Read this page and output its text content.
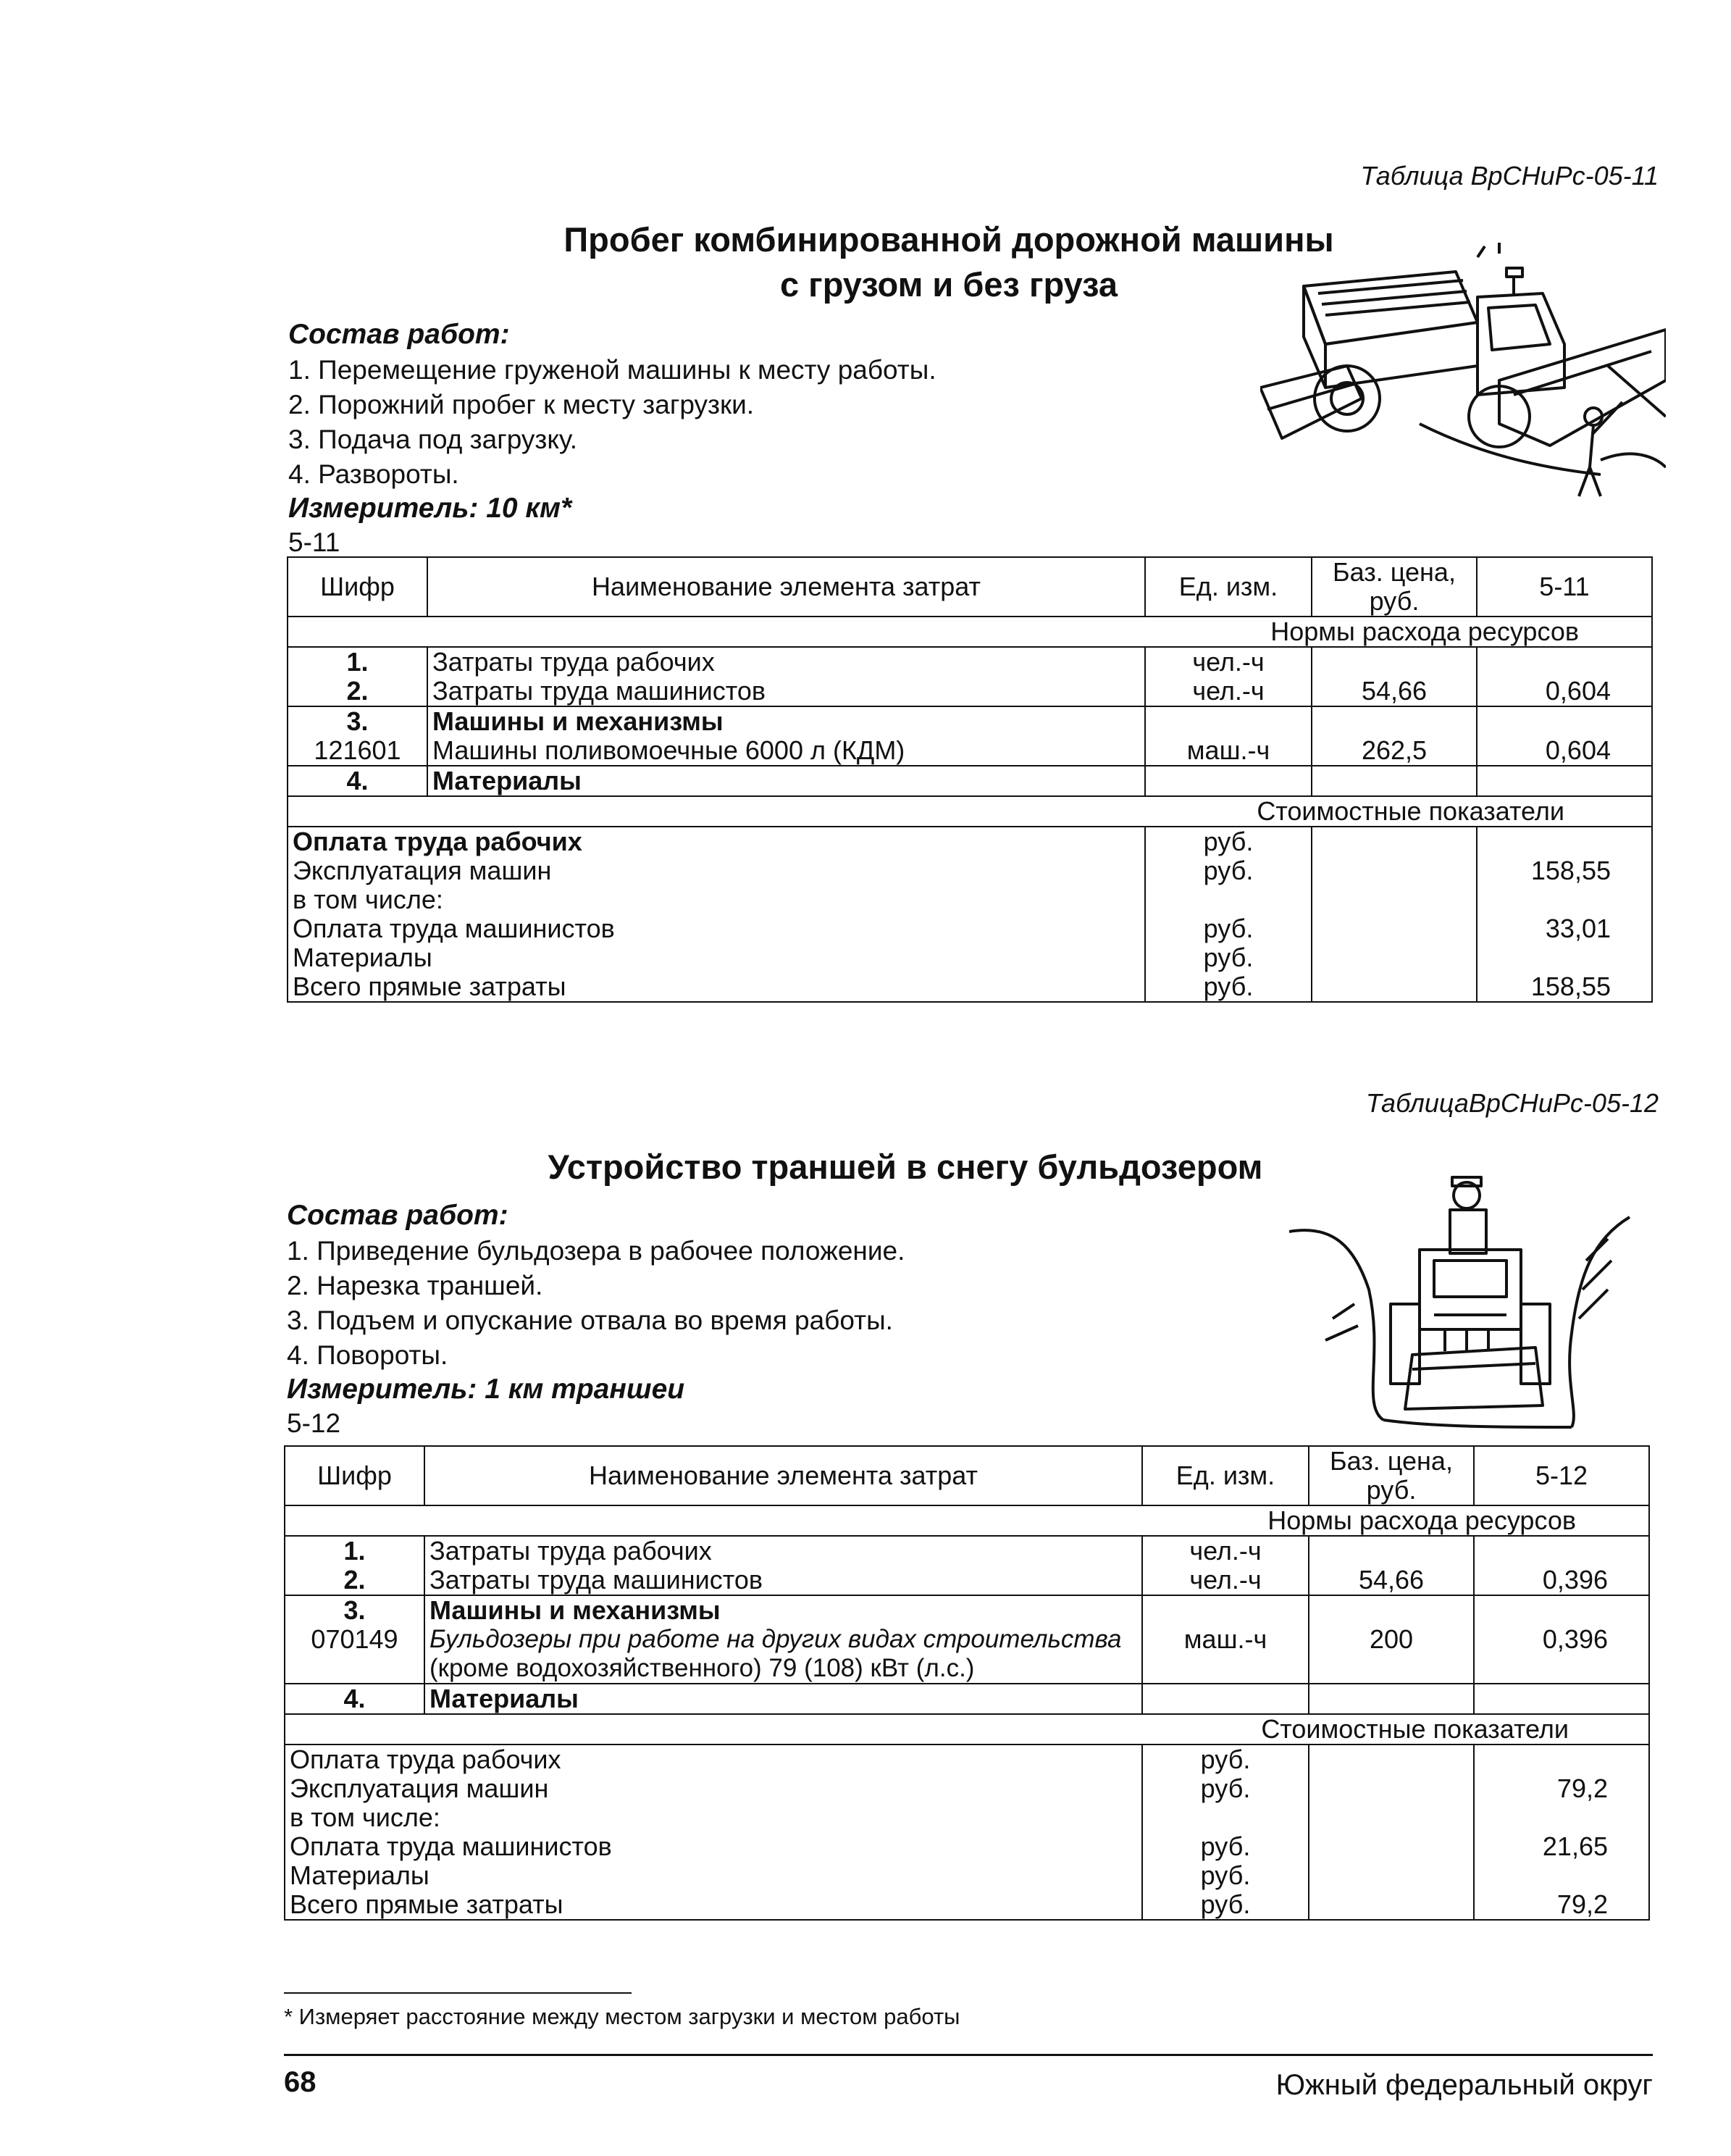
Таблица ВрСНиРс-05-11
Пробег комбинированной дорожной машины
с грузом и без груза
Состав работ:
1. Перемещение груженой машины к месту работы.
2. Порожний пробег к месту загрузки.
3. Подача под загрузку.
4. Развороты.
Измеритель: 10 км*
5-11
Шифр	Наименование элемента затрат	Ед. изм.	Баз. цена, руб.	5-11
Нормы расхода ресурсов				
1.	Затраты труда рабочих	чел.-ч		
2.	Затраты труда машинистов	чел.-ч	54,66	0,604
3.	Машины и механизмы			
121601	Машины поливомоечные 6000 л (КДМ)	маш.-ч	262,5	0,604
4.	Материалы			
Стоимостные показатели				
Оплата труда рабочих		руб.		
Эксплуатация машин		руб.		158,55
в том числе:				
Оплата труда машинистов		руб.		33,01
Материалы		руб.		
Всего прямые затраты		руб.		158,55
ТаблицаВрСНиРс-05-12
Устройство траншей в снегу бульдозером
Состав работ:
1. Приведение бульдозера в рабочее положение.
2. Нарезка траншей.
3. Подъем и опускание отвала во время работы.
4. Повороты.
Измеритель: 1 км траншеи
5-12
Шифр	Наименование элемента затрат	Ед. изм.	Баз. цена, руб.	5-12
Нормы расхода ресурсов				
1.	Затраты труда рабочих	чел.-ч		
2.	Затраты труда машинистов	чел.-ч	54,66	0,396
3.	Машины и механизмы			
070149	Бульдозеры при работе на других видах строительства
(кроме водохозяйственного) 79 (108) кВт (л.с.)	маш.-ч	200	0,396
4.	Материалы			
Стоимостные показатели				
Оплата труда рабочих		руб.		
Эксплуатация машин		руб.		79,2
в том числе:				
Оплата труда машинистов		руб.		21,65
Материалы		руб.		
Всего прямые затраты		руб.		79,2
* Измеряет расстояние между местом загрузки и местом работы
68	Южный федеральный округ
